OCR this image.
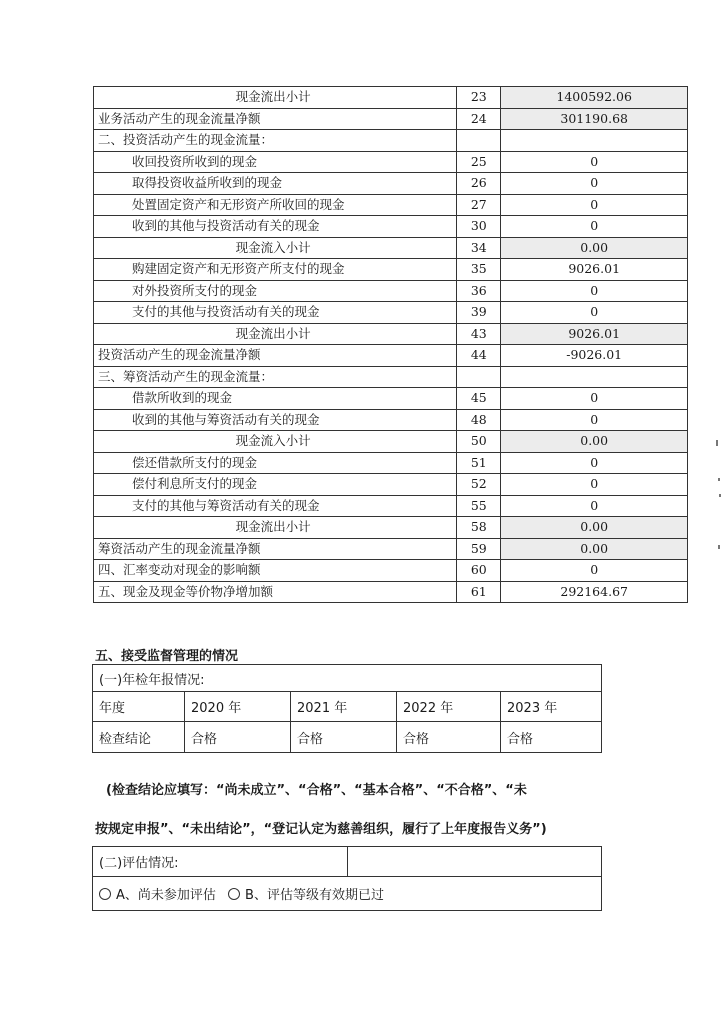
现金流出小计	23	1400592.06
业务活动产生的现金流量净额	24	301190.68
二、投资活动产生的现金流量：		
收回投资所收到的现金	25	0
取得投资收益所收到的现金	26	0
处置固定资产和无形资产所收回的现金	27	0
收到的其他与投资活动有关的现金	30	0
现金流入小计	34	0.00
购建固定资产和无形资产所支付的现金	35	9026.01
对外投资所支付的现金	36	0
支付的其他与投资活动有关的现金	39	0
现金流出小计	43	9026.01
投资活动产生的现金流量净额	44	-9026.01
三、筹资活动产生的现金流量：		
借款所收到的现金	45	0
收到的其他与筹资活动有关的现金	48	0
现金流入小计	50	0.00
偿还借款所支付的现金	51	0
偿付利息所支付的现金	52	0
支付的其他与筹资活动有关的现金	55	0
现金流出小计	58	0.00
筹资活动产生的现金流量净额	59	0.00
四、汇率变动对现金的影响额	60	0
五、现金及现金等价物净增加额	61	292164.67
五、接受监督管理的情况
(一)年检年报情况:				
年度	2020 年	2021 年	2022 年	2023 年
检查结论	合格	合格	合格	合格
(检查结论应填写：“尚未成立”、“合格”、“基本合格”、“不合格”、“未
按规定申报”、“未出结论”，“登记认定为慈善组织，履行了上年度报告义务”)
(二)评估情况:	
A、尚未参加评估 B、评估等级有效期已过
